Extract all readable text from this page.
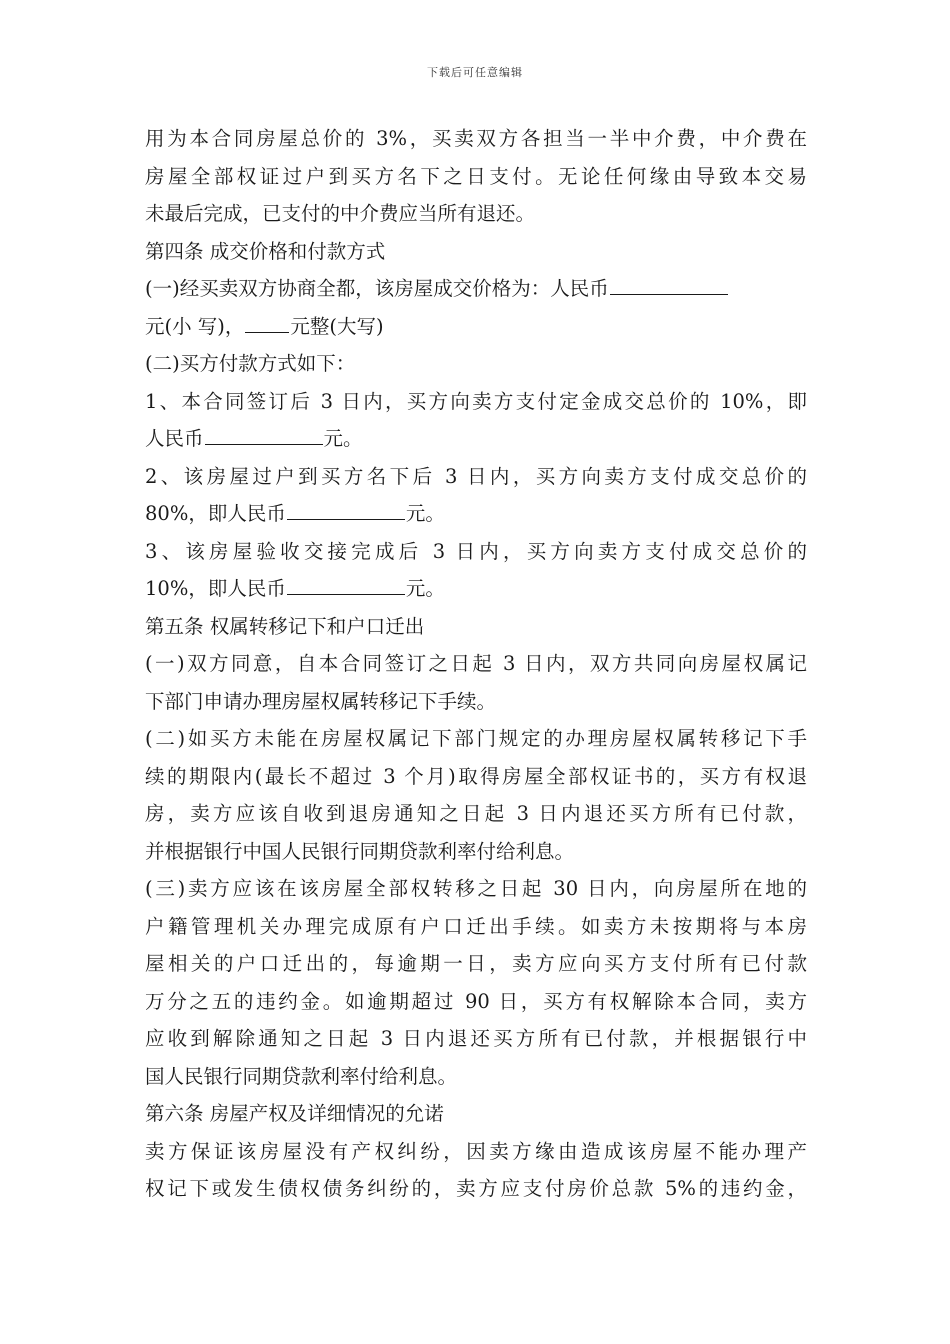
下载后可任意编辑
用为本合同房屋总价的 3%，买卖双方各担当一半中介费，中介费在
房屋全部权证过户到买方名下之日支付。无论任何缘由导致本交易
未最后完成，已支付的中介费应当所有退还。
第四条 成交价格和付款方式
(一)经买卖双方协商全都，该房屋成交价格为：人民币
元(小 写)， 元整(大写)
(二)买方付款方式如下：
1、本合同签订后 3 日内，买方向卖方支付定金成交总价的 10%，即
人民币	元。
2、该房屋过户到买方名下后 3 日内，买方向卖方支付成交总价的
80%，即人民币	元。
3、该房屋验收交接完成后 3 日内，买方向卖方支付成交总价的
10%，即人民币	元。
第五条 权属转移记下和户口迁出
(一)双方同意，自本合同签订之日起 3 日内，双方共同向房屋权属记
下部门申请办理房屋权属转移记下手续。
(二)如买方未能在房屋权属记下部门规定的办理房屋权属转移记下手
续的期限内(最长不超过 3 个月)取得房屋全部权证书的，买方有权退
房，卖方应该自收到退房通知之日起 3 日内退还买方所有已付款，
并根据银行中国人民银行同期贷款利率付给利息。
(三)卖方应该在该房屋全部权转移之日起 30 日内，向房屋所在地的
户籍管理机关办理完成原有户口迁出手续。如卖方未按期将与本房
屋相关的户口迁出的，每逾期一日，卖方应向买方支付所有已付款
万分之五的违约金。如逾期超过 90 日，买方有权解除本合同，卖方
应收到解除通知之日起 3 日内退还买方所有已付款，并根据银行中
国人民银行同期贷款利率付给利息。
第六条 房屋产权及详细情况的允诺
卖方保证该房屋没有产权纠纷，因卖方缘由造成该房屋不能办理产
权记下或发生债权债务纠纷的，卖方应支付房价总款 5%的违约金，
